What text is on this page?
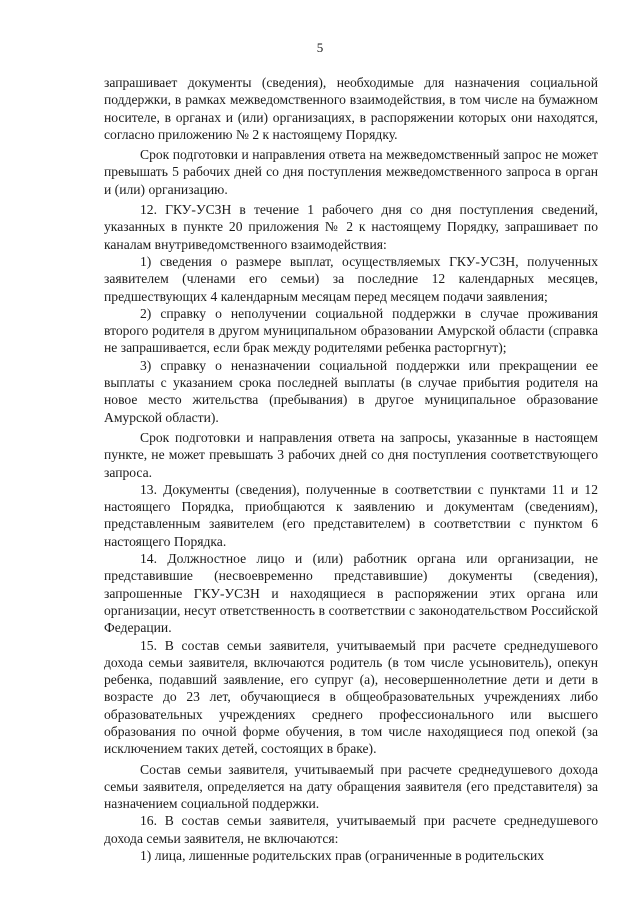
5

запрашивает документы (сведения), необходимые для назначения социальной поддержки, в рамках межведомственного взаимодействия, в том числе на бумажном носителе, в органах и (или) организациях, в распоряжении которых они находятся, согласно приложению № 2 к настоящему Порядку.

Срок подготовки и направления ответа на межведомственный запрос не может превышать 5 рабочих дней со дня поступления межведомственного запроса в орган и (или) организацию.

12. ГКУ-УСЗН в течение 1 рабочего дня со дня поступления сведений, указанных в пункте 20 приложения № 2 к настоящему Порядку, запрашивает по каналам внутриведомственного взаимодействия:

1) сведения о размере выплат, осуществляемых ГКУ-УСЗН, полученных заявителем (членами его семьи) за последние 12 календарных месяцев, предшествующих 4 календарным месяцам перед месяцем подачи заявления;

2) справку о неполучении социальной поддержки в случае проживания второго родителя в другом муниципальном образовании Амурской области (справка не запрашивается, если брак между родителями ребенка расторгнут);

3) справку о неназначении социальной поддержки или прекращении ее выплаты с указанием срока последней выплаты (в случае прибытия родителя на новое место жительства (пребывания) в другое муниципальное образование Амурской области).

Срок подготовки и направления ответа на запросы, указанные в настоящем пункте, не может превышать 3 рабочих дней со дня поступления соответствующего запроса.

13. Документы (сведения), полученные в соответствии с пунктами 11 и 12 настоящего Порядка, приобщаются к заявлению и документам (сведениям), представленным заявителем (его представителем) в соответствии с пунктом 6 настоящего Порядка.

14. Должностное лицо и (или) работник органа или организации, не представившие (несвоевременно представившие) документы (сведения), запрошенные ГКУ-УСЗН и находящиеся в распоряжении этих органа или организации, несут ответственность в соответствии с законодательством Российской Федерации.

15. В состав семьи заявителя, учитываемый при расчете среднедушевого дохода семьи заявителя, включаются родитель (в том числе усыновитель), опекун ребенка, подавший заявление, его супруг (а), несовершеннолетние дети и дети в возрасте до 23 лет, обучающиеся в общеобразовательных учреждениях либо образовательных учреждениях среднего профессионального или высшего образования по очной форме обучения, в том числе находящиеся под опекой (за исключением таких детей, состоящих в браке).

Состав семьи заявителя, учитываемый при расчете среднедушевого дохода семьи заявителя, определяется на дату обращения заявителя (его представителя) за назначением социальной поддержки.

16. В состав семьи заявителя, учитываемый при расчете среднедушевого дохода семьи заявителя, не включаются:

1) лица, лишенные родительских прав (ограниченные в родительских
